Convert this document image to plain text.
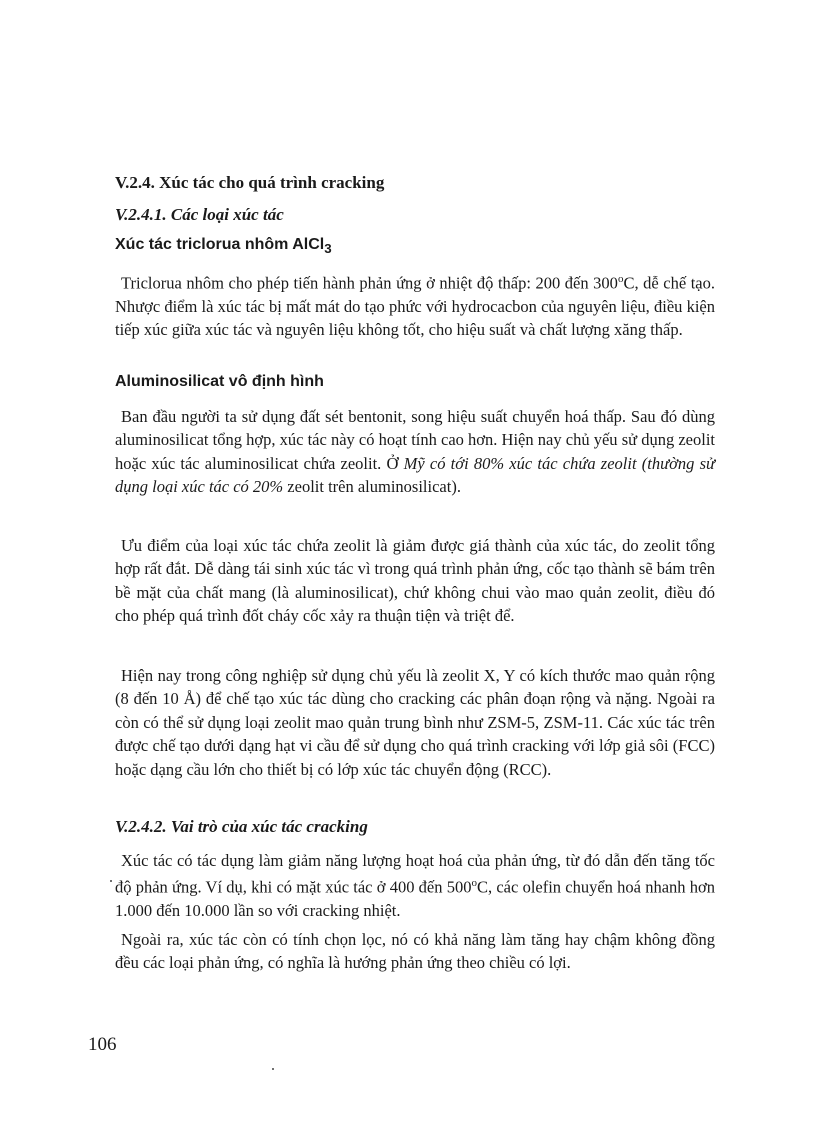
V.2.4. Xúc tác cho quá trình cracking

V.2.4.1. Các loại xúc tác

Xúc tác triclorua nhôm AlCl$_3$

Triclorua nhôm cho phép tiến hành phản ứng ở nhiệt độ thấp: 200 đến 300$^o$C, dễ chế tạo. Nhược điểm là xúc tác bị mất mát do tạo phức với hydrocacbon của nguyên liệu, điều kiện tiếp xúc giữa xúc tác và nguyên liệu không tốt, cho hiệu suất và chất lượng xăng thấp.

Aluminosilicat vô định hình

Ban đầu người ta sử dụng đất sét bentonit, song hiệu suất chuyển hoá thấp. Sau đó dùng aluminosilicat tổng hợp, xúc tác này có hoạt tính cao hơn. Hiện nay chủ yếu sử dụng zeolit hoặc xúc tác aluminosilicat chứa zeolit. Ở Mỹ có tới 80% xúc tác chứa zeolit (thường sử dụng loại xúc tác có 20% zeolit trên aluminosilicat).

Ưu điểm của loại xúc tác chứa zeolit là giảm được giá thành của xúc tác, do zeolit tổng hợp rất đắt. Dễ dàng tái sinh xúc tác vì trong quá trình phản ứng, cốc tạo thành sẽ bám trên bề mặt của chất mang (là aluminosilicat), chứ không chui vào mao quản zeolit, điều đó cho phép quá trình đốt cháy cốc xảy ra thuận tiện và triệt để.

Hiện nay trong công nghiệp sử dụng chủ yếu là zeolit X, Y có kích thước mao quản rộng (8 đến 10 Å) để chế tạo xúc tác dùng cho cracking các phân đoạn rộng và nặng. Ngoài ra còn có thể sử dụng loại zeolit mao quản trung bình như ZSM-5, ZSM-11. Các xúc tác trên được chế tạo dưới dạng hạt vi cầu để sử dụng cho quá trình cracking với lớp giả sôi (FCC) hoặc dạng cầu lớn cho thiết bị có lớp xúc tác chuyển động (RCC).

V.2.4.2. Vai trò của xúc tác cracking

Xúc tác có tác dụng làm giảm năng lượng hoạt hoá của phản ứng, từ đó dẫn đến tăng tốc độ phản ứng. Ví dụ, khi có mặt xúc tác ở 400 đến 500$^o$C, các olefin chuyển hoá nhanh hơn 1.000 đến 10.000 lần so với cracking nhiệt.

Ngoài ra, xúc tác còn có tính chọn lọc, nó có khả năng làm tăng hay chậm không đồng đều các loại phản ứng, có nghĩa là hướng phản ứng theo chiều có lợi.

106
